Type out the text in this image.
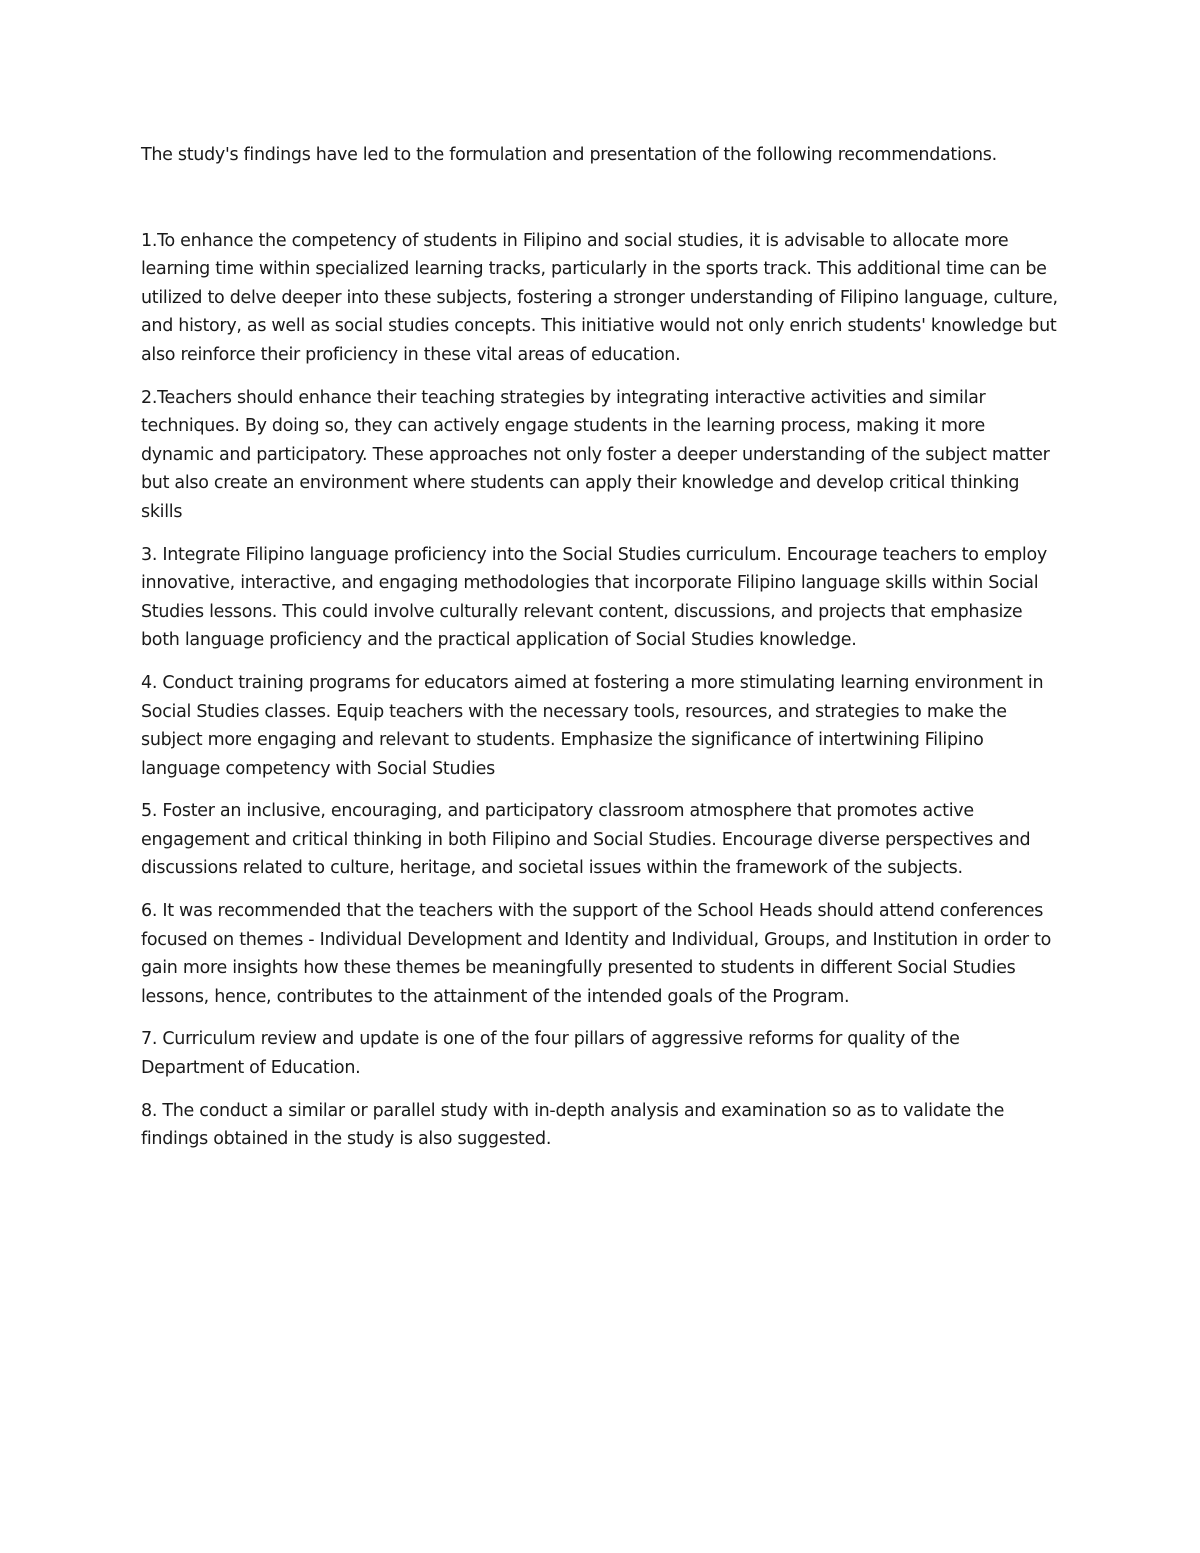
The study's findings have led to the formulation and presentation of the following recommendations.

1.To enhance the competency of students in Filipino and social studies, it is advisable to allocate more learning time within specialized learning tracks, particularly in the sports track. This additional time can be utilized to delve deeper into these subjects, fostering a stronger understanding of Filipino language, culture, and history, as well as social studies concepts. This initiative would not only enrich students' knowledge but also reinforce their proficiency in these vital areas of education.

2.Teachers should enhance their teaching strategies by integrating interactive activities and similar techniques. By doing so, they can actively engage students in the learning process, making it more dynamic and participatory. These approaches not only foster a deeper understanding of the subject matter but also create an environment where students can apply their knowledge and develop critical thinking skills

3. Integrate Filipino language proficiency into the Social Studies curriculum. Encourage teachers to employ innovative, interactive, and engaging methodologies that incorporate Filipino language skills within Social Studies lessons. This could involve culturally relevant content, discussions, and projects that emphasize both language proficiency and the practical application of Social Studies knowledge.

4. Conduct training programs for educators aimed at fostering a more stimulating learning environment in Social Studies classes. Equip teachers with the necessary tools, resources, and strategies to make the subject more engaging and relevant to students. Emphasize the significance of intertwining Filipino language competency with Social Studies

5. Foster an inclusive, encouraging, and participatory classroom atmosphere that promotes active engagement and critical thinking in both Filipino and Social Studies. Encourage diverse perspectives and discussions related to culture, heritage, and societal issues within the framework of the subjects.

6. It was recommended that the teachers with the support of the School Heads should attend conferences focused on themes - Individual Development and Identity and Individual, Groups, and Institution in order to gain more insights how these themes be meaningfully presented to students in different Social Studies lessons, hence, contributes to the attainment of the intended goals of the Program.

7. Curriculum review and update is one of the four pillars of aggressive reforms for quality of the Department of Education.

8. The conduct a similar or parallel study with in-depth analysis and examination so as to validate the findings obtained in the study is also suggested.
